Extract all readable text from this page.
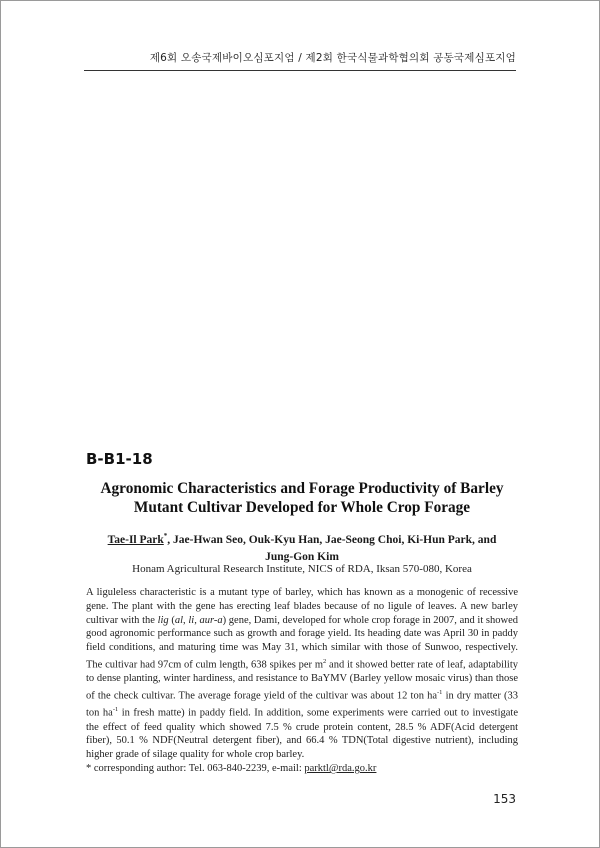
제6회 오송국제바이오심포지엄 / 제2회 한국식물과학협의회 공동국제심포지엄
B-B1-18
Agronomic Characteristics and Forage Productivity of Barley Mutant Cultivar Developed for Whole Crop Forage
Tae-Il Park*, Jae-Hwan Seo, Ouk-Kyu Han, Jae-Seong Choi, Ki-Hun Park, and
Jung-Gon Kim
Honam Agricultural Research Institute, NICS of RDA, Iksan 570-080, Korea

A liguleless characteristic is a mutant type of barley, which has known as a monogenic of recessive gene. The plant with the gene has erecting leaf blades because of no ligule of leaves. A new barley cultivar with the lig (al, li, aur-a) gene, Dami, developed for whole crop forage in 2007, and it showed good agronomic performance such as growth and forage yield. Its heading date was April 30 in paddy field conditions, and maturing time was May 31, which similar with those of Sunwoo, respectively. The cultivar had 97cm of culm length, 638 spikes per $m^2$ and it showed better rate of leaf, adaptability to dense planting, winter hardiness, and resistance to BaYMV (Barley yellow mosaic virus) than those of the check cultivar. The average forage yield of the cultivar was about 12 ton $ha^{-1}$ in dry matter (33 ton $ha^{-1}$ in fresh matte) in paddy field. In addition, some experiments were carried out to investigate the effect of feed quality which showed 7.5 % crude protein content, 28.5 % ADF(Acid detergent fiber), 50.1 % NDF(Neutral detergent fiber), and 66.4 % TDN(Total digestive nutrient), including higher grade of silage quality for whole crop barley.

* corresponding author: Tel. 063-840-2239, e-mail: parktl@rda.go.kr

153
